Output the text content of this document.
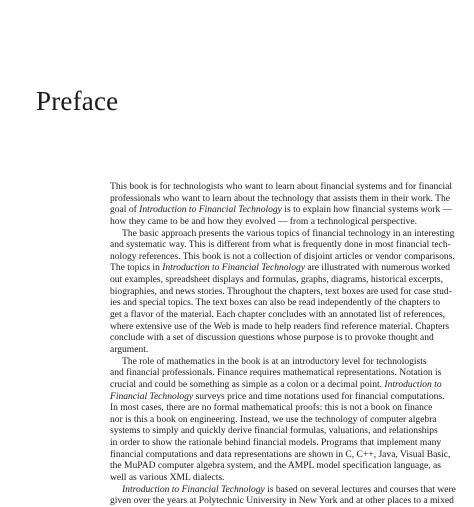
Preface

This book is for technologists who want to learn about financial systems and for financial
professionals who want to learn about the technology that assists them in their work. The
goal of Introduction to Financial Technology is to explain how financial systems work —
how they came to be and how they evolved — from a technological perspective.

The basic approach presents the various topics of financial technology in an interesting
and systematic way. This is different from what is frequently done in most financial tech-
nology references. This book is not a collection of disjoint articles or vendor comparisons.
The topics in Introduction to Financial Technology are illustrated with numerous worked
out examples, spreadsheet displays and formulas, graphs, diagrams, historical excerpts,
biographies, and news stories. Throughout the chapters, text boxes are used for case stud-
ies and special topics. The text boxes can also be read independently of the chapters to
get a flavor of the material. Each chapter concludes with an annotated list of references,
where extensive use of the Web is made to help readers find reference material. Chapters
conclude with a set of discussion questions whose purpose is to provoke thought and
argument.

The role of mathematics in the book is at an introductory level for technologists
and financial professionals. Finance requires mathematical representations. Notation is
crucial and could be something as simple as a colon or a decimal point. Introduction to
Financial Technology surveys price and time notations used for financial computations.
In most cases, there are no formal mathematical proofs: this is not a book on finance
nor is this a book on engineering. Instead, we use the technology of computer algebra
systems to simply and quickly derive financial formulas, valuations, and relationships
in order to show the rationale behind financial models. Programs that implement many
financial computations and data representations are shown in C, C++, Java, Visual Basic,
the MuPAD computer algebra system, and the AMPL model specification language, as
well as various XML dialects.

Introduction to Financial Technology is based on several lectures and courses that were
given over the years at Polytechnic University in New York and at other places to a mixed
